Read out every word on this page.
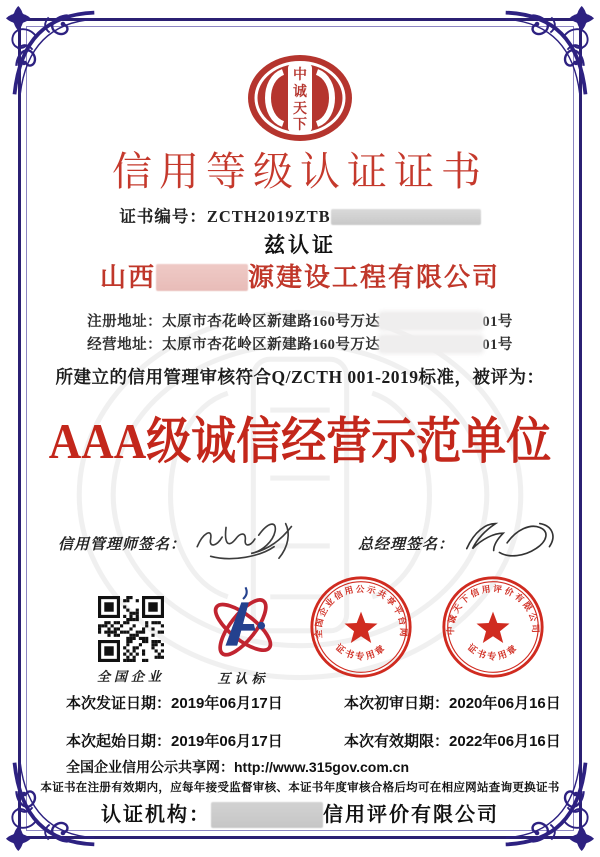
中
诚
天
下
信用等级认证证书
证书编号：ZCTH2019ZTB
兹认证
山西	源建设工程有限公司
注册地址：太原市杏花岭区新建路160号万达	01号
经营地址：太原市杏花岭区新建路160号万达	01号
所建立的信用管理审核符合Q/ZCTH 001-2019标准，被评为：
AAA级诚信经营示范单位
信用管理师签名：	总经理签名：
全国企业	互认标
全国企业信用公示共享平台网
证书专用章
中诚天下信用评价有限公司
证书专用章
本次发证日期：2019年06月17日	本次初审日期：2020年06月16日
本次起始日期：2019年06月17日	本次有效期限：2022年06月16日
全国企业信用公示共享网：http://www.315gov.com.cn
本证书在注册有效期内，应每年接受监督审核、本证书年度审核合格后均可在相应网站查询更换证书
认证机构：	信用评价有限公司
